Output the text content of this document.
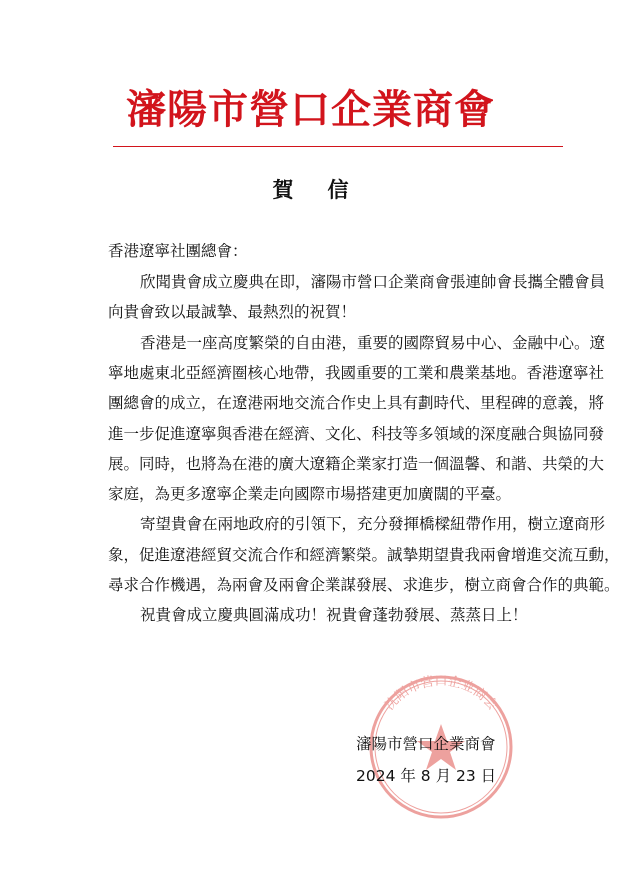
瀋陽市營口企業商會
賀信
香港遼寧社團總會：
欣聞貴會成立慶典在即，瀋陽市營口企業商會張連帥會長攜全體會員
向貴會致以最誠摯、最熱烈的祝賀！
香港是一座高度繁榮的自由港，重要的國際貿易中心、金融中心。遼
寧地處東北亞經濟圈核心地帶，我國重要的工業和農業基地。香港遼寧社
團總會的成立，在遼港兩地交流合作史上具有劃時代、里程碑的意義，將
進一步促進遼寧與香港在經濟、文化、科技等多領域的深度融合與協同發
展。同時，也將為在港的廣大遼籍企業家打造一個溫馨、和諧、共榮的大
家庭，為更多遼寧企業走向國際市場搭建更加廣闊的平臺。
寄望貴會在兩地政府的引領下，充分發揮橋樑紐帶作用，樹立遼商形
象，促進遼港經貿交流合作和經濟繁榮。誠摯期望貴我兩會增進交流互動，
尋求合作機遇，為兩會及兩會企業謀發展、求進步，樹立商會合作的典範。
祝貴會成立慶典圓滿成功！祝貴會蓬勃發展、蒸蒸日上！
沈阳市营口企业商会
瀋陽市營口企業商會
2024 年 8 月 23 日
